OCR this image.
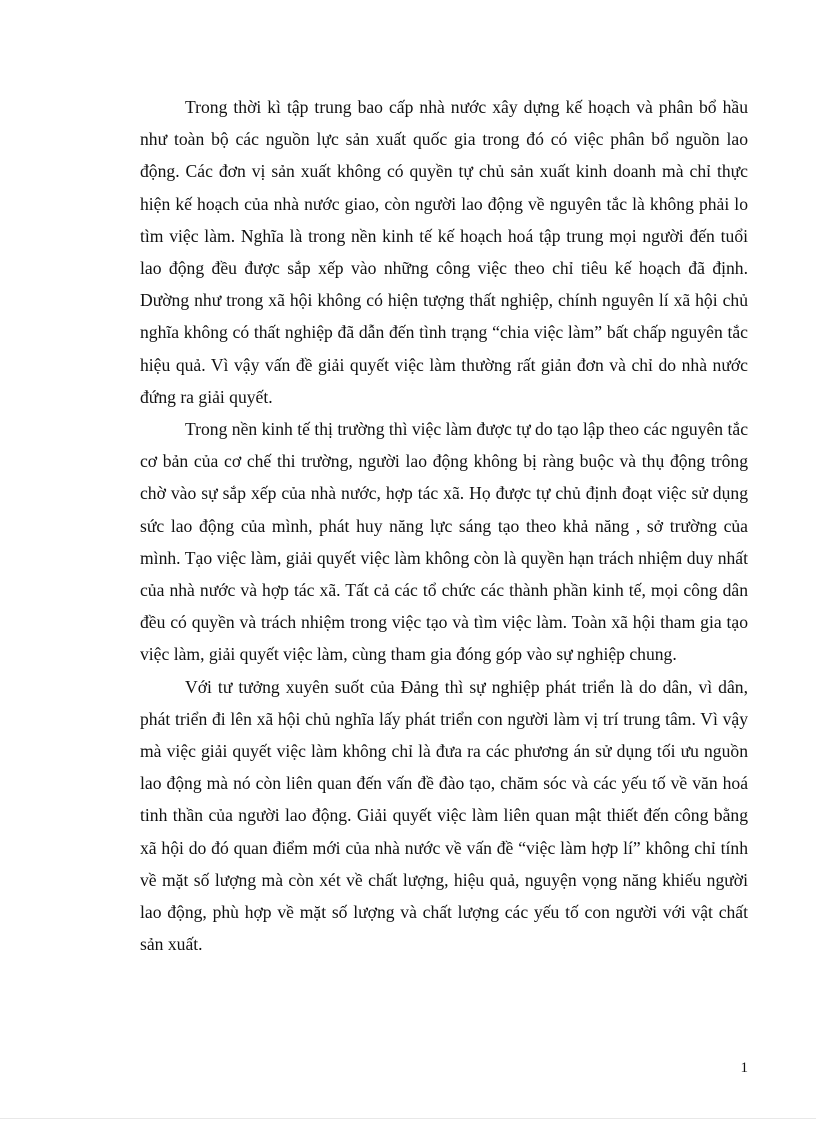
Trong thời kì tập trung bao cấp nhà nước xây dựng kế hoạch và phân bổ hầu như toàn bộ các nguồn lực sản xuất quốc gia trong đó có việc phân bổ nguồn lao động. Các đơn vị sản xuất không có quyền tự chủ sản xuất kinh doanh mà chỉ thực hiện kế hoạch của nhà nước giao, còn người lao động về nguyên tắc là không phải lo tìm việc làm. Nghĩa là trong nền kinh tế kế hoạch hoá tập trung mọi người đến tuổi lao động đều được sắp xếp vào những công việc theo chỉ tiêu kế hoạch đã định. Dường như trong xã hội không có hiện tượng thất nghiệp, chính nguyên lí xã hội chủ nghĩa không có thất nghiệp đã dẫn đến tình trạng “chia việc làm” bất chấp nguyên tắc hiệu quả. Vì vậy vấn đề giải quyết việc làm thường rất giản đơn và chỉ do nhà nước đứng ra giải quyết.

Trong nền kinh tế thị trường thì việc làm được tự do tạo lập theo các nguyên tắc cơ bản của cơ chế thi trường, người lao động không bị ràng buộc và thụ động trông chờ vào sự sắp xếp của nhà nước, hợp tác xã. Họ được tự chủ định đoạt việc sử dụng sức lao động của mình, phát huy năng lực sáng tạo theo khả năng , sở trường của mình. Tạo việc làm, giải quyết việc làm không còn là quyền hạn trách nhiệm duy nhất của nhà nước và hợp tác xã. Tất cả các tổ chức các thành phần kinh tế, mọi công dân đều có quyền và trách nhiệm trong việc tạo và tìm việc làm. Toàn xã hội tham gia tạo việc làm, giải quyết việc làm, cùng tham gia đóng góp vào sự nghiệp chung.

Với tư tưởng xuyên suốt của Đảng thì sự nghiệp phát triển là do dân, vì dân, phát triển đi lên xã hội chủ nghĩa lấy phát triển con người làm vị trí trung tâm. Vì vậy mà việc giải quyết việc làm không chỉ là đưa ra các phương án sử dụng tối ưu nguồn lao động mà nó còn liên quan đến vấn đề đào tạo, chăm sóc và các yếu tố về văn hoá tinh thần của người lao động. Giải quyết việc làm liên quan mật thiết đến công bằng xã hội do đó quan điểm mới của nhà nước về vấn đề “việc làm hợp lí” không chỉ tính về mặt số lượng mà còn xét về chất lượng, hiệu quả, nguyện vọng năng khiếu người lao động, phù hợp về mặt số lượng và chất lượng các yếu tố con người với vật chất sản xuất.

1
